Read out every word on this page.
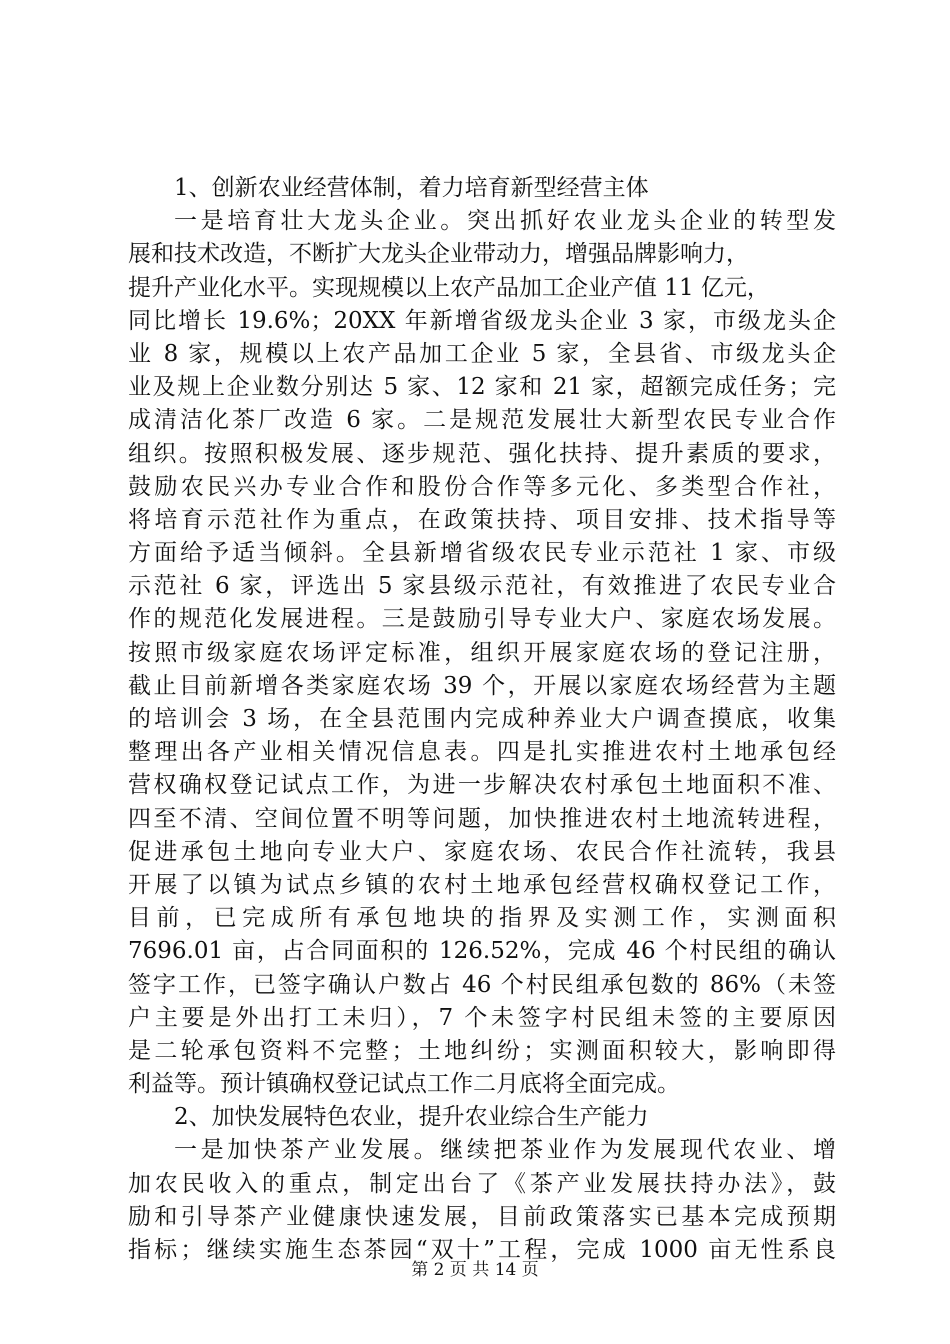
1、创新农业经营体制，着力培育新型经营主体
一是培育壮大龙头企业。突出抓好农业龙头企业的转型发
展和技术改造，不断扩大龙头企业带动力，增强品牌影响力，
提升产业化水平。实现规模以上农产品加工企业产值 11 亿元，
同比增长 19.6%；20XX 年新增省级龙头企业 3 家，市级龙头企
业 8 家，规模以上农产品加工企业 5 家，全县省、市级龙头企
业及规上企业数分别达 5 家、12 家和 21 家，超额完成任务；完
成清洁化茶厂改造 6 家。二是规范发展壮大新型农民专业合作
组织。按照积极发展、逐步规范、强化扶持、提升素质的要求，
鼓励农民兴办专业合作和股份合作等多元化、多类型合作社，
将培育示范社作为重点，在政策扶持、项目安排、技术指导等
方面给予适当倾斜。全县新增省级农民专业示范社 1 家、市级
示范社 6 家，评选出 5 家县级示范社，有效推进了农民专业合
作的规范化发展进程。三是鼓励引导专业大户、家庭农场发展。
按照市级家庭农场评定标准，组织开展家庭农场的登记注册，
截止目前新增各类家庭农场 39 个，开展以家庭农场经营为主题
的培训会 3 场，在全县范围内完成种养业大户调查摸底，收集
整理出各产业相关情况信息表。四是扎实推进农村土地承包经
营权确权登记试点工作，为进一步解决农村承包土地面积不准、
四至不清、空间位置不明等问题，加快推进农村土地流转进程，
促进承包土地向专业大户、家庭农场、农民合作社流转，我县
开展了以镇为试点乡镇的农村土地承包经营权确权登记工作，
目前，已完成所有承包地块的指界及实测工作，实测面积
7696.01 亩，占合同面积的 126.52%，完成 46 个村民组的确认
签字工作，已签字确认户数占 46 个村民组承包数的 86%（未签
户主要是外出打工未归），7 个未签字村民组未签的主要原因
是二轮承包资料不完整；土地纠纷；实测面积较大，影响即得
利益等。预计镇确权登记试点工作二月底将全面完成。
2、加快发展特色农业，提升农业综合生产能力
一是加快茶产业发展。继续把茶业作为发展现代农业、增
加农民收入的重点，制定出台了《茶产业发展扶持办法》，鼓
励和引导茶产业健康快速发展，目前政策落实已基本完成预期
指标；继续实施生态茶园“双十”工程，完成 1000 亩无性系良
第 2 页 共 14 页
